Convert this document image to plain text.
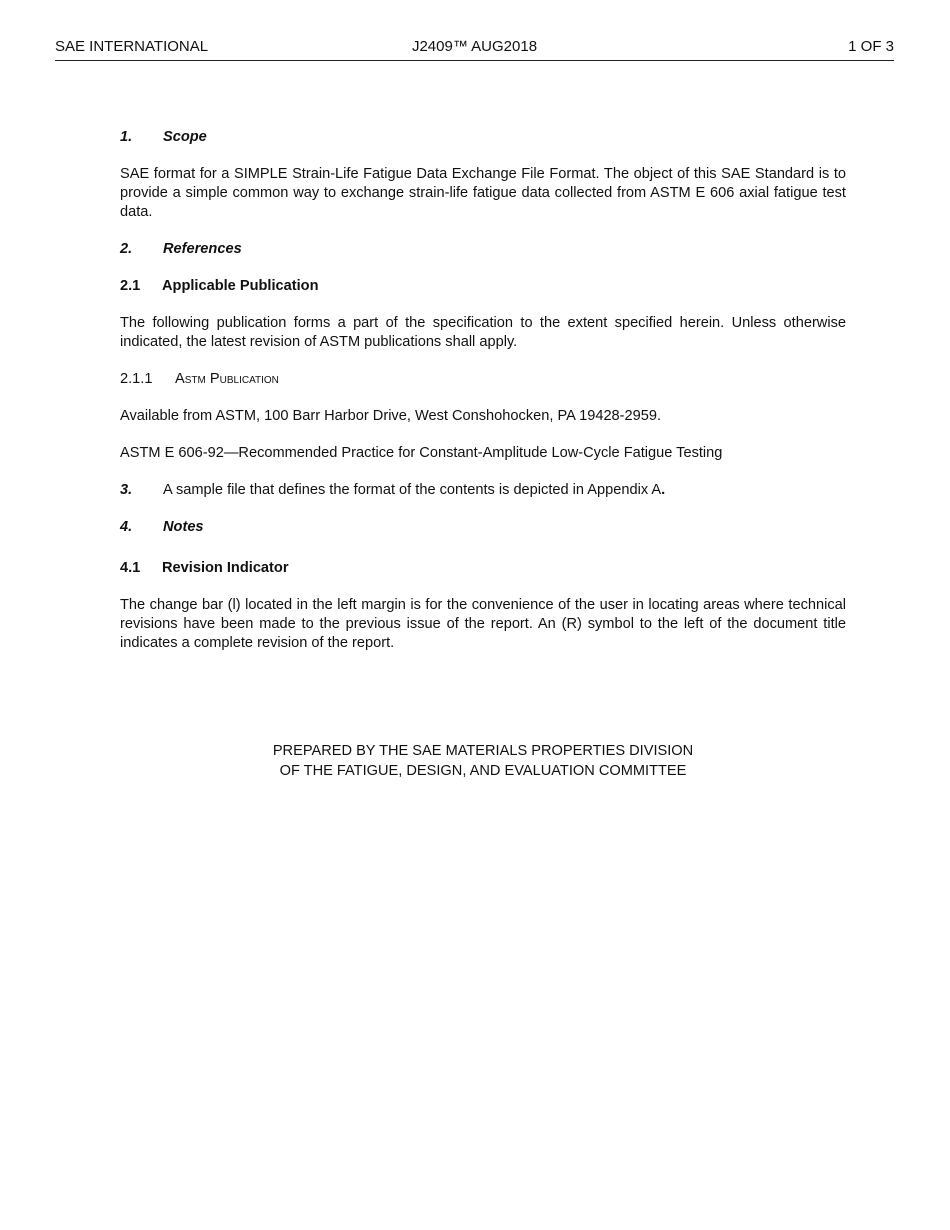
SAE INTERNATIONAL	J2409™ AUG2018	1 OF 3
1.	Scope

SAE format for a SIMPLE Strain-Life Fatigue Data Exchange File Format. The object of this SAE Standard is to provide a simple common way to exchange strain-life fatigue data collected from ASTM E 606 axial fatigue test data.

2.	References
2.1	Applicable Publication

The following publication forms a part of the specification to the extent specified herein. Unless otherwise indicated, the latest revision of ASTM publications shall apply.

2.1.1	Astm Publication

Available from ASTM, 100 Barr Harbor Drive, West Conshohocken, PA 19428-2959.

ASTM E 606-92—Recommended Practice for Constant-Amplitude Low-Cycle Fatigue Testing

3.	A sample file that defines the format of the contents is depicted in Appendix A.
4.	Notes
4.1	Revision Indicator

The change bar (l) located in the left margin is for the convenience of the user in locating areas where technical revisions have been made to the previous issue of the report. An (R) symbol to the left of the document title indicates a complete revision of the report.

PREPARED BY THE SAE MATERIALS PROPERTIES DIVISION
OF THE FATIGUE, DESIGN, AND EVALUATION COMMITTEE
